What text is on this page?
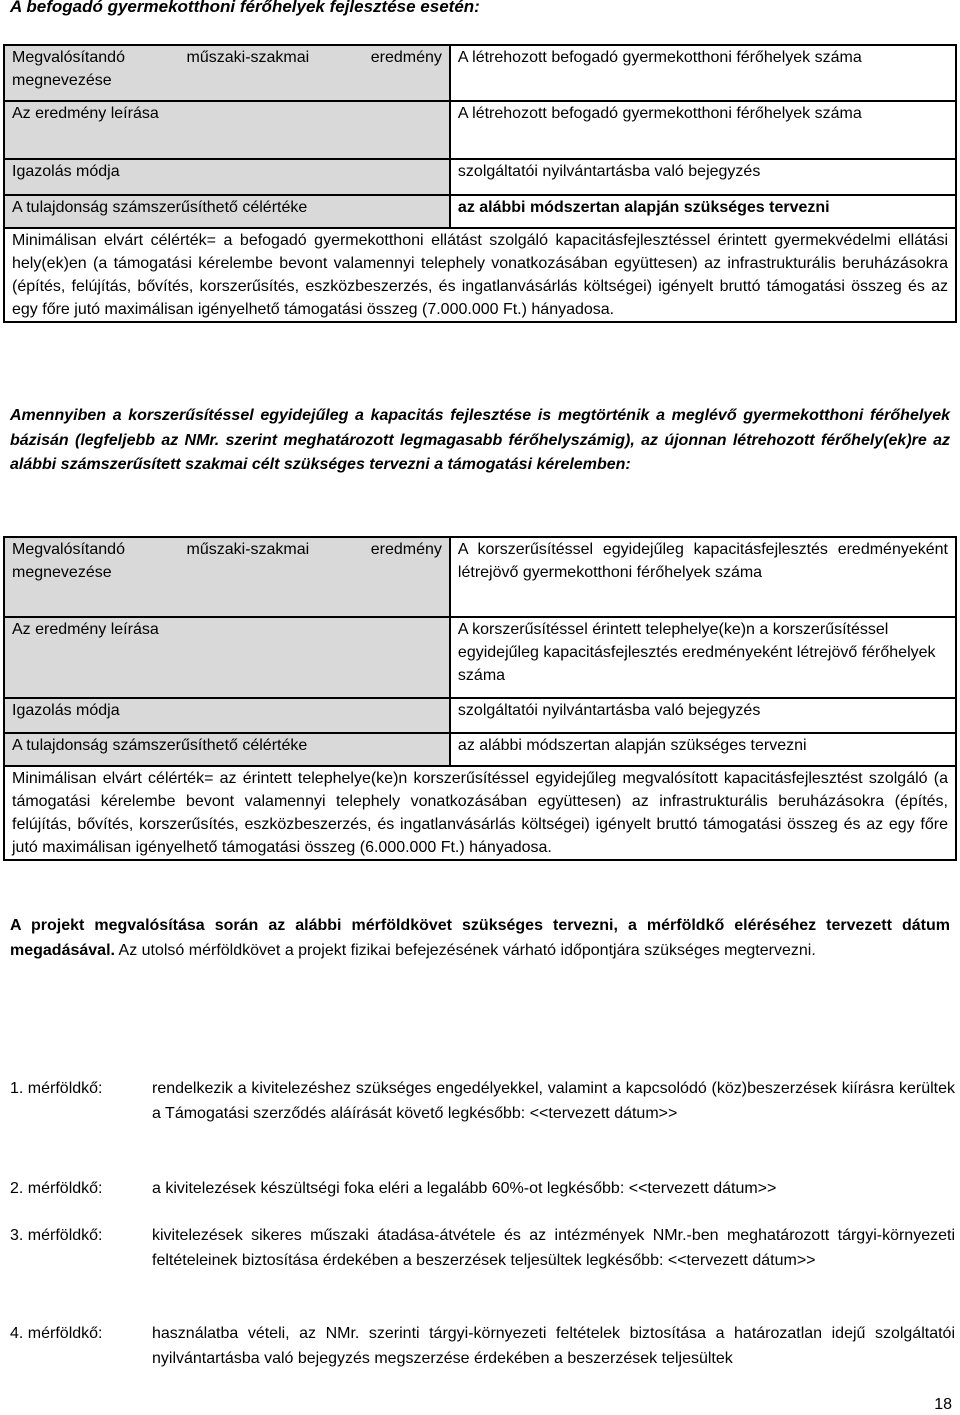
A befogadó gyermekotthoni férőhelyek fejlesztése esetén:
Megvalósítandó műszaki-szakmai eredmény
megnevezése	A létrehozott befogadó gyermekotthoni férőhelyek száma
Az eredmény leírása	A létrehozott befogadó gyermekotthoni férőhelyek száma
Igazolás módja	szolgáltatói nyilvántartásba való bejegyzés
A tulajdonság számszerűsíthető célértéke	az alábbi módszertan alapján szükséges tervezni
Minimálisan elvárt célérték= a befogadó gyermekotthoni ellátást szolgáló kapacitásfejlesztéssel érintett gyermekvédelmi ellátási hely(ek)en (a támogatási kérelembe bevont valamennyi telephely vonatkozásában együttesen) az infrastrukturális beruházásokra (építés, felújítás, bővítés, korszerűsítés, eszközbeszerzés, és ingatlanvásárlás költségei) igényelt bruttó támogatási összeg és az egy főre jutó maximálisan igényelhető támogatási összeg (7.000.000 Ft.) hányadosa.	

Amennyiben a korszerűsítéssel egyidejűleg a kapacitás fejlesztése is megtörténik a meglévő gyermekotthoni férőhelyek bázisán (legfeljebb az NMr. szerint meghatározott legmagasabb férőhelyszámig), az újonnan létrehozott férőhely(ek)re az alábbi számszerűsített szakmai célt szükséges tervezni a támogatási kérelemben:

Megvalósítandó műszaki-szakmai eredmény
megnevezése	A korszerűsítéssel egyidejűleg kapacitásfejlesztés eredményeként létrejövő gyermekotthoni férőhelyek száma
Az eredmény leírása	A korszerűsítéssel érintett telephelye(ke)n a korszerűsítéssel egyidejűleg kapacitásfejlesztés eredményeként létrejövő férőhelyek száma
Igazolás módja	szolgáltatói nyilvántartásba való bejegyzés
A tulajdonság számszerűsíthető célértéke	az alábbi módszertan alapján szükséges tervezni
Minimálisan elvárt célérték= az érintett telephelye(ke)n korszerűsítéssel egyidejűleg megvalósított kapacitásfejlesztést szolgáló (a támogatási kérelembe bevont valamennyi telephely vonatkozásában együttesen) az infrastrukturális beruházásokra (építés, felújítás, bővítés, korszerűsítés, eszközbeszerzés, és ingatlanvásárlás költségei) igényelt bruttó támogatási összeg és az egy főre jutó maximálisan igényelhető támogatási összeg (6.000.000 Ft.) hányadosa.	

A projekt megvalósítása során az alábbi mérföldkövet szükséges tervezni, a mérföldkő eléréséhez tervezett dátum megadásával. Az utolsó mérföldkövet a projekt fizikai befejezésének várható időpontjára szükséges megtervezni.

1. mérföldkő:	rendelkezik a kivitelezéshez szükséges engedélyekkel, valamint a kapcsolódó (köz)beszerzések kiírásra kerültek a Támogatási szerződés aláírását követő legkésőbb: <<tervezett dátum>>
2. mérföldkő:	a kivitelezések készültségi foka eléri a legalább 60%-ot legkésőbb: <<tervezett dátum>>
3. mérföldkő:	kivitelezések sikeres műszaki átadása-átvétele és az intézmények NMr.-ben meghatározott tárgyi-környezeti feltételeinek biztosítása érdekében a beszerzések teljesültek legkésőbb: <<tervezett dátum>>
4. mérföldkő:	használatba vételi, az NMr. szerinti tárgyi-környezeti feltételek biztosítása a határozatlan idejű szolgáltatói nyilvántartásba való bejegyzés megszerzése érdekében a beszerzések teljesültek
18
